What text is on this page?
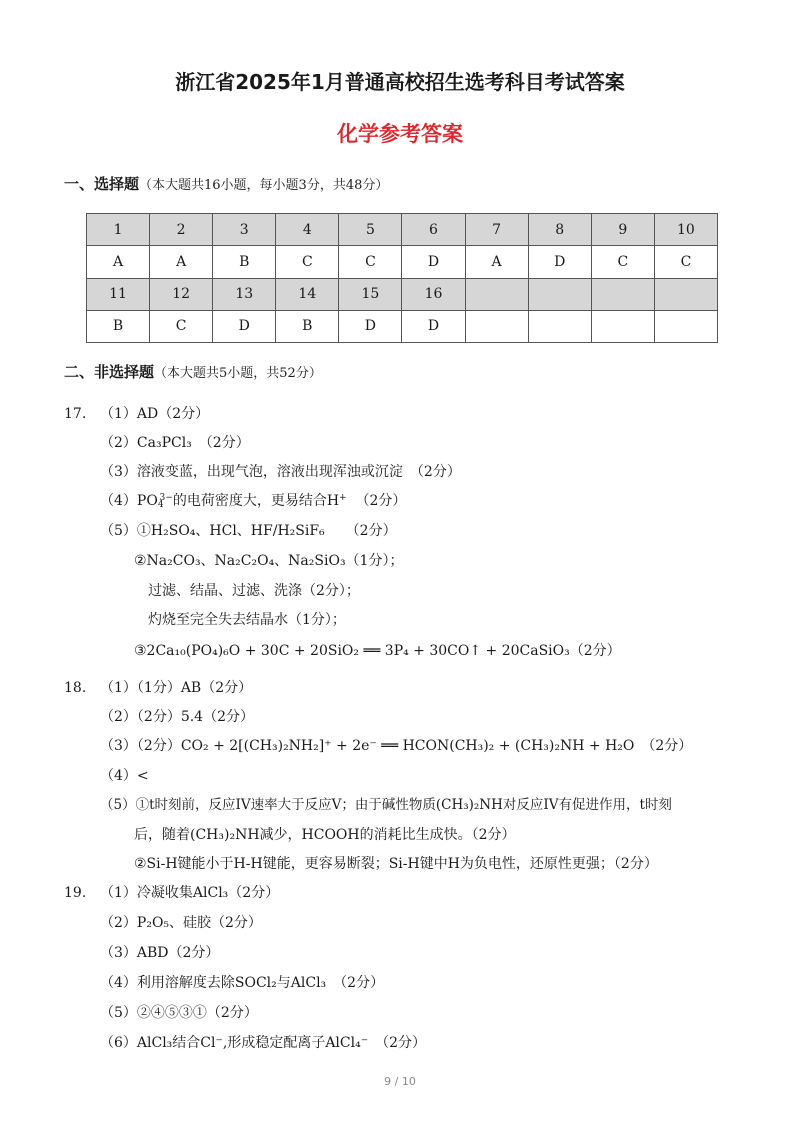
浙江省2025年1月普通高校招生选考科目考试答案
化学参考答案
一、选择题（本大题共16小题，每小题3分，共48分）
1	2	3	4	5	6	7	8	9	10
A	A	B	C	C	D	A	D	C	C
11	12	13	14	15	16				
B	C	D	B	D	D				
二、非选择题（本大题共5小题，共52分）
17. （1）AD（2分）
（2）Ca₃PCl₃　（2分）
（3）溶液变蓝，出现气泡，溶液出现浑浊或沉淀　（2分）
$(4)PO_4^{3-}$的电荷密度大，更易结合H+ （2分）
（5）①H₂SO₄、HCl、HF/H₂SiF₆　　（2分）
②Na₂CO₃、Na₂C₂O₄、Na₂SiO₃（1分）；
过滤、结晶、过滤、洗涤（2分）；
灼烧至完全失去结晶水（1分）；
③2Ca₁₀(PO₄)₆O + 30C + 20SiO₂ ══ 3P₄ + 30CO↑ + 20CaSiO₃（2分）
18. （1）（1分）AB（2分）
（2）（2分）5.4（2分）
（3）（2分）CO₂ + 2[(CH₃)₂NH₂]⁺ + 2e⁻ ══ HCON(CH₃)₂ + (CH₃)₂NH + H₂O　（2分）
（4）<
（5）①t时刻前，反应IV速率大于反应V；由于碱性物质(CH₃)₂NH对反应IV有促进作用，t时刻
后，随着(CH₃)₂NH减少，HCOOH的消耗比生成快。（2分）
②Si-H键能小于H-H键能，更容易断裂；Si-H键中H为负电性，还原性更强；（2分）
19. （1）冷凝收集AlCl₃（2分）
（2）P₂O₅、硅胶（2分）
（3）ABD（2分）
（4）利用溶解度去除SOCl₂与AlCl₃　（2分）
（5）②④⑤③①（2分）
（6）AlCl₃结合Cl⁻,形成稳定配离子AlCl₄⁻　（2分）
9 / 10
